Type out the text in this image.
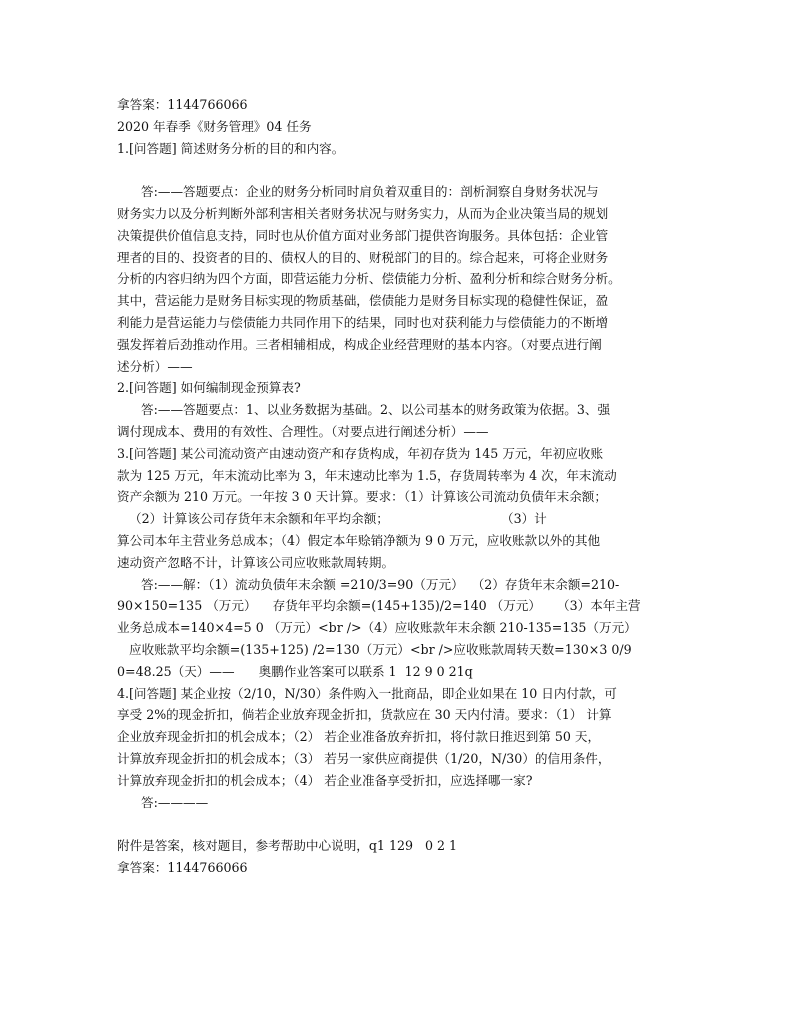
拿答案：1144766066
2020 年春季《财务管理》04 任务
1.[问答题] 简述财务分析的目的和内容。
答:——答题要点：企业的财务分析同时肩负着双重目的：剖析洞察自身财务状况与
财务实力以及分析判断外部利害相关者财务状况与财务实力，从而为企业决策当局的规划
决策提供价值信息支持，同时也从价值方面对业务部门提供咨询服务。具体包括：企业管
理者的目的、投资者的目的、债权人的目的、财税部门的目的。综合起来，可将企业财务
分析的内容归纳为四个方面，即营运能力分析、偿债能力分析、盈利分析和综合财务分析。
其中，营运能力是财务目标实现的物质基础，偿债能力是财务目标实现的稳健性保证，盈
利能力是营运能力与偿债能力共同作用下的结果，同时也对获利能力与偿债能力的不断增
强发挥着后劲推动作用。三者相辅相成，构成企业经营理财的基本内容。（对要点进行阐
述分析）——
2.[问答题] 如何编制现金预算表?
答:——答题要点：1、以业务数据为基础。2、以公司基本的财务政策为依据。3、强
调付现成本、费用的有效性、合理性。（对要点进行阐述分析）——
3.[问答题] 某公司流动资产由速动资产和存货构成，年初存货为 145 万元，年初应收账
款为 125 万元，年末流动比率为 3，年末速动比率为 1.5，存货周转率为 4 次，年末流动
资产余额为 210 万元。一年按 3 0 天计算。要求：（1）计算该公司流动负债年末余额；
（2）计算该公司存货年末余额和年平均余额；                            （3）计
算公司本年主营业务总成本；（4）假定本年赊销净额为 9 0 万元，应收账款以外的其他
速动资产忽略不计，计算该公司应收账款周转期。
答:——解：（1）流动负债年末余额 =210/3=90（万元）  （2）存货年末余额=210-
90×150=135 （万元）    存货年平均余额=(145+135)/2=140 （万元）    （3）本年主营
业务总成本=140×4=5 0 （万元）<br />（4）应收账款年末余额 210-135=135（万元）
应收账款平均余额=(135+125) /2=130（万元）<br />应收账款周转天数=130×3 0/9
0=48.25（天）——      奥鹏作业答案可以联系 1  12 9 0 21q
4.[问答题] 某企业按（2/10，N/30）条件购入一批商品，即企业如果在 10 日内付款，可
享受 2%的现金折扣，倘若企业放弃现金折扣，货款应在 30 天内付清。要求：（1） 计算
企业放弃现金折扣的机会成本；（2） 若企业准备放弃折扣，将付款日推迟到第 50 天，
计算放弃现金折扣的机会成本；（3） 若另一家供应商提供（1/20，N/30）的信用条件，
计算放弃现金折扣的机会成本；（4） 若企业准备享受折扣，应选择哪一家?
答:————
附件是答案，核对题目，参考帮助中心说明，q1 129   0 2 1
拿答案：1144766066
